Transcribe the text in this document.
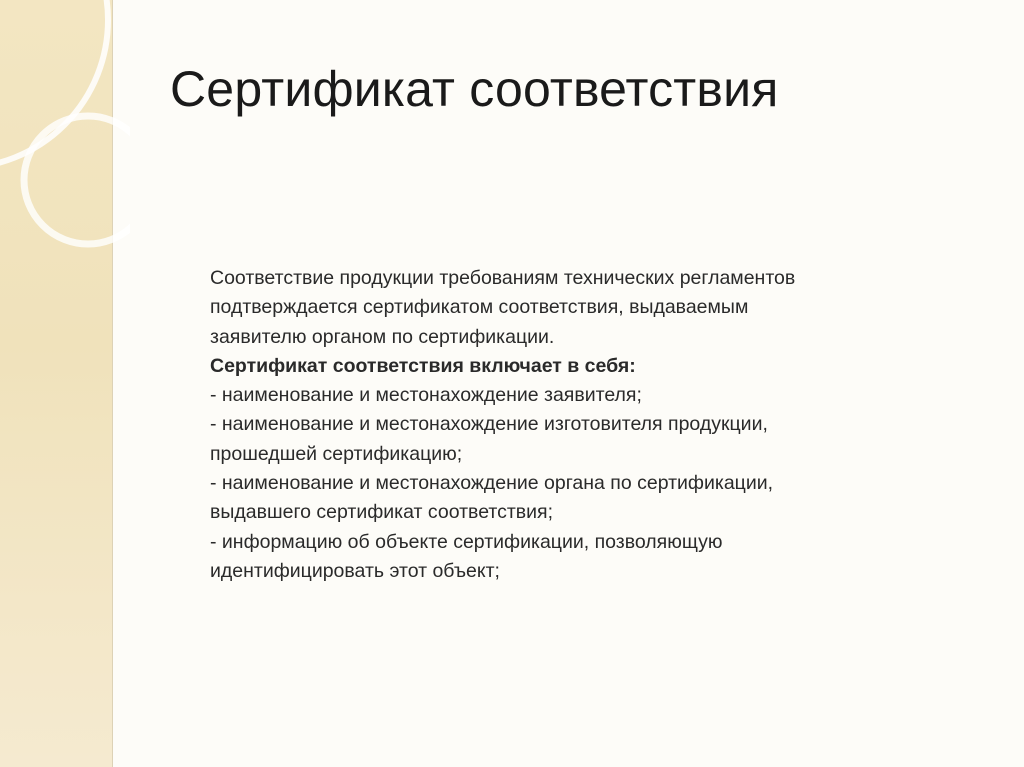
Сертификат соответствия

Соответствие продукции требованиям технических регламентов

подтверждается сертификатом соответствия, выдаваемым

заявителю органом по сертификации.

Сертификат соответствия включает в себя:

- наименование и местонахождение заявителя;

- наименование и местонахождение изготовителя продукции,

прошедшей сертификацию;

- наименование и местонахождение органа по сертификации,

выдавшего сертификат соответствия;

- информацию об объекте сертификации, позволяющую

идентифицировать этот объект;
